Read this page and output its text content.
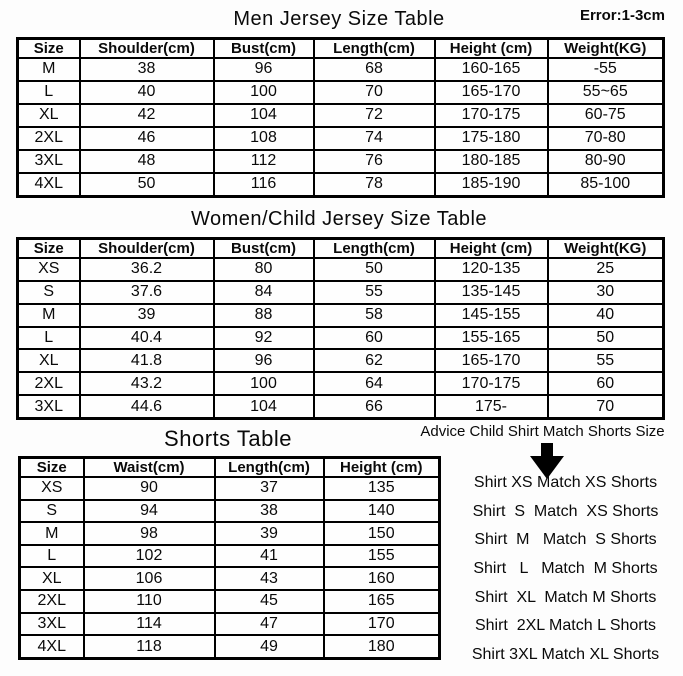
Men Jersey Size Table	Error:1-3cm
Size	Shoulder(cm)	Bust(cm)	Length(cm)	Height (cm)	Weight(KG)
M	38	96	68	160-165	-55
L	40	100	70	165-170	55~65
XL	42	104	72	170-175	60-75
2XL	46	108	74	175-180	70-80
3XL	48	112	76	180-185	80-90
4XL	50	116	78	185-190	85-100
Women/Child Jersey Size Table
Size	Shoulder(cm)	Bust(cm)	Length(cm)	Height (cm)	Weight(KG)
XS	36.2	80	50	120-135	25
S	37.6	84	55	135-145	30
M	39	88	58	145-155	40
L	40.4	92	60	155-165	50
XL	41.8	96	62	165-170	55
2XL	43.2	100	64	170-175	60
3XL	44.6	104	66	175-	70
Shorts Table
Size	Waist(cm)	Length(cm)	Height (cm)
XS	90	37	135
S	94	38	140
M	98	39	150
L	102	41	155
XL	106	43	160
2XL	110	45	165
3XL	114	47	170
4XL	118	49	180
Advice Child Shirt Match Shorts Size
Shirt XS Match XS Shorts
Shirt  S  Match  XS Shorts
Shirt  M   Match  S Shorts
Shirt   L   Match  M Shorts
Shirt  XL  Match M Shorts
Shirt  2XL Match L Shorts
Shirt 3XL Match XL Shorts
